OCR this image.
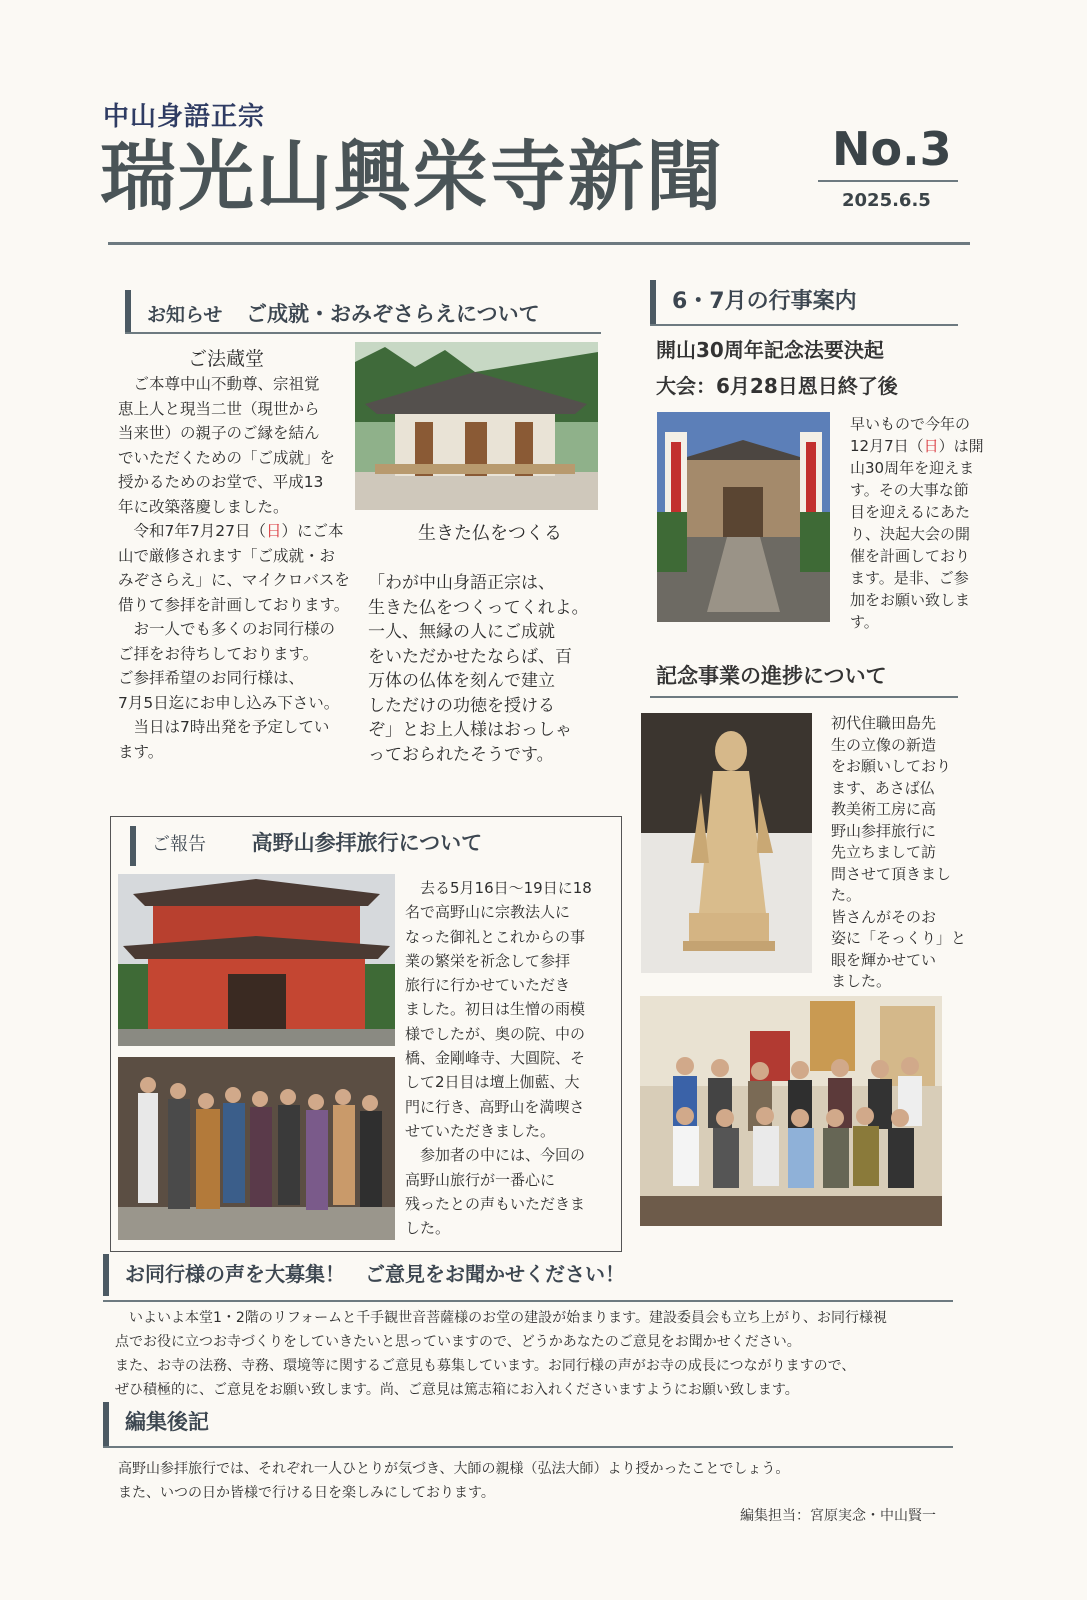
中山身語正宗
瑞光山興栄寺新聞 No.3
2025.6.5
お知らせ ご成就・おみぞさらえについて
ご法蔵堂
　ご本尊中山不動尊、宗祖覚
恵上人と現当二世（現世から
当来世）の親子のご縁を結ん
でいただくための「ご成就」を
授かるためのお堂で、平成13
年に改築落慶しました。
　令和7年7月27日（日）にご本
山で厳修されます「ご成就・お
みぞさらえ」に、マイクロバスを
借りて参拝を計画しております。
　お一人でも多くのお同行様の
ご拝をお待ちしております。
ご参拝希望のお同行様は、
7月5日迄にお申し込み下さい。
　当日は7時出発を予定してい
ます。
生きた仏をつくる
「わが中山身語正宗は、
生きた仏をつくってくれよ。
一人、無縁の人にご成就
をいただかせたならば、百
万体の仏体を刻んで建立
しただけの功徳を授ける
ぞ」とお上人様はおっしゃ
っておられたそうです。
6・7月の行事案内
開山30周年記念法要決起
大会：6月28日恩日終了後
早いもので今年の
12月7日（日）は開
山30周年を迎えま
す。その大事な節
目を迎えるにあた
り、決起大会の開
催を計画しており
ます。是非、ご参
加をお願い致しま
す。
記念事業の進捗について
初代住職田島先
生の立像の新造
をお願いしており
ます、あさば仏
教美術工房に高
野山参拝旅行に
先立ちまして訪
問させて頂きまし
た。
皆さんがそのお
姿に「そっくり」と
眼を輝かせてい
ました。
ご報告 高野山参拝旅行について
　去る5月16日～19日に18
名で高野山に宗教法人に
なった御礼とこれからの事
業の繁栄を祈念して参拝
旅行に行かせていただき
ました。初日は生憎の雨模
様でしたが、奥の院、中の
橋、金剛峰寺、大圓院、そ
して2日目は壇上伽藍、大
門に行き、高野山を満喫さ
せていただきました。
　参加者の中には、今回の
高野山旅行が一番心に
残ったとの声もいただきま
した。
お同行様の声を大募集！　ご意見をお聞かせください！
　いよいよ本堂1・2階のリフォームと千手観世音菩薩様のお堂の建設が始まります。建設委員会も立ち上がり、お同行様視
点でお役に立つお寺づくりをしていきたいと思っていますので、どうかあなたのご意見をお聞かせください。
また、お寺の法務、寺務、環境等に関するご意見も募集しています。お同行様の声がお寺の成長につながりますので、
ぜひ積極的に、ご意見をお願い致します。尚、ご意見は篤志箱にお入れくださいますようにお願い致します。
編集後記
高野山参拝旅行では、それぞれ一人ひとりが気づき、大師の親様（弘法大師）より授かったことでしょう。
また、いつの日か皆様で行ける日を楽しみにしております。
編集担当：宮原実念・中山賢一
